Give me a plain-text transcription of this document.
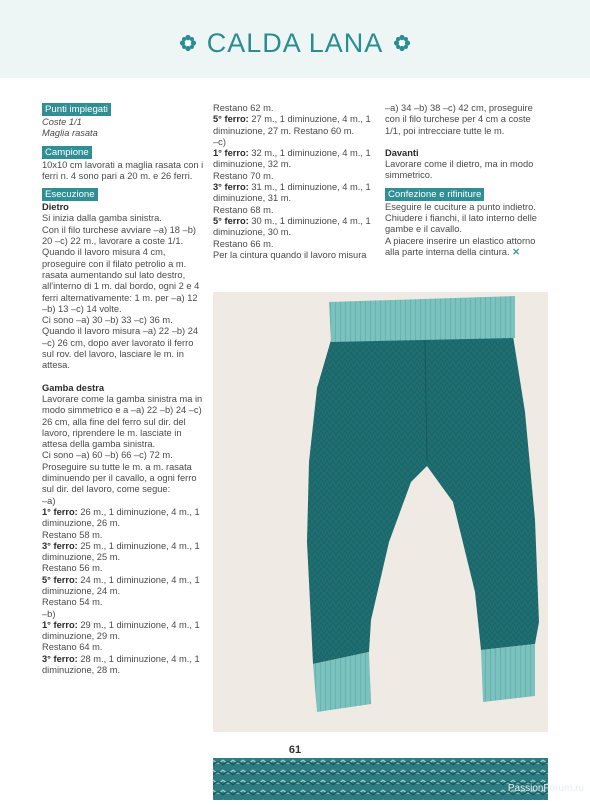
CALDA LANA
Punti impiegati

Coste 1/1

Maglia rasata

Campione

10x10 cm lavorati a maglia rasata con i ferri n. 4 sono pari a 20 m. e 26 ferri.

Esecuzione

Dietro

Si inizia dalla gamba sinistra.

Con il filo turchese avviare –a) 18 –b) 20 –c) 22 m., lavorare a coste 1/1.

Quando il lavoro misura 4 cm, proseguire con il filato petrolio a m. rasata aumentando sul lato destro, all'interno di 1 m. dal bordo, ogni 2 e 4 ferri alternativamente: 1 m. per –a) 12 –b) 13 –c) 14 volte.

Ci sono –a) 30 –b) 33 –c) 36 m.

Quando il lavoro misura –a) 22 –b) 24 –c) 26 cm, dopo aver lavorato il ferro sul rov. del lavoro, lasciare le m. in attesa.

Gamba destra

Lavorare come la gamba sinistra ma in modo simmetrico e a –a) 22 –b) 24 –c) 26 cm, alla fine del ferro sul dir. del lavoro, riprendere le m. lasciate in attesa della gamba sinistra.

Ci sono –a) 60 –b) 66 –c) 72 m.

Proseguire su tutte le m. a m. rasata diminuendo per il cavallo, a ogni ferro sul dir. del lavoro, come segue:

–a)

1° ferro: 26 m., 1 diminuzione, 4 m., 1 diminuzione, 26 m.

Restano 58 m.

3° ferro: 25 m., 1 diminuzione, 4 m., 1 diminuzione, 25 m.

Restano 56 m.

5° ferro: 24 m., 1 diminuzione, 4 m., 1 diminuzione, 24 m.

Restano 54 m.

–b)

1° ferro: 29 m., 1 diminuzione, 4 m., 1 diminuzione, 29 m.

Restano 64 m.

3° ferro: 28 m., 1 diminuzione, 4 m., 1 diminuzione, 28 m.

Restano 62 m.

5° ferro: 27 m., 1 diminuzione, 4 m., 1 diminuzione, 27 m. Restano 60 m.

–c)

1° ferro: 32 m., 1 diminuzione, 4 m., 1 diminuzione, 32 m.

Restano 70 m.

3° ferro: 31 m., 1 diminuzione, 4 m., 1 diminuzione, 31 m.

Restano 68 m.

5° ferro: 30 m., 1 diminuzione, 4 m., 1 diminuzione, 30 m.

Restano 66 m.

Per la cintura quando il lavoro misura

–a) 34 –b) 38 –c) 42 cm, proseguire con il filo turchese per 4 cm a coste 1/1, poi intrecciare tutte le m.

Davanti

Lavorare come il dietro, ma in modo simmetrico.

Confezione e rifiniture

Eseguire le cuciture a punto indietro. Chiudere i fianchi, il lato interno delle gambe e il cavallo.

A piacere inserire un elastico attorno alla parte interna della cintura. ✕

61
PassionForum.ru
